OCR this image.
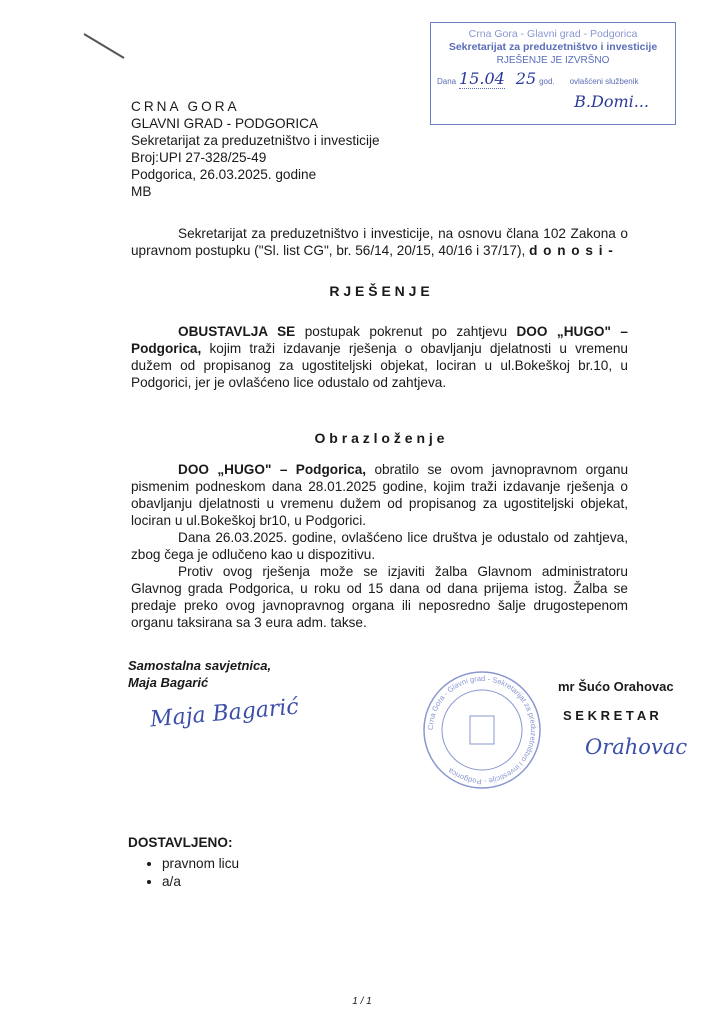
Crna Gora - Glavni grad - Podgorica
Sekretarijat za preduzetništvo i investicije
RJEŠENJE JE IZVRŠNO
Dana 15.04 25 god. ovlašćeni službenik
B.Domi...
CRNA GORA
GLAVNI GRAD - PODGORICA
Sekretarijat za preduzetništvo i investicije
Broj:UPI 27-328/25-49
Podgorica, 26.03.2025. godine
MB
Sekretarijat za preduzetništvo i investicije, na osnovu člana 102 Zakona o upravnom postupku ("Sl. list CG", br. 56/14, 20/15, 40/16 i 37/17), d o n o s i -
R J E Š E N J E
OBUSTAVLJA SE postupak pokrenut po zahtjevu DOO „HUGO" – Podgorica, kojim traži izdavanje rješenja o obavljanju djelatnosti u vremenu dužem od propisanog za ugostiteljski objekat, lociran u ul.Bokeškoj br.10, u Podgorici, jer je ovlašćeno lice odustalo od zahtjeva.
O b r a z l o ž e n j e
DOO „HUGO" – Podgorica, obratilo se ovom javnopravnom organu pismenim podneskom dana 28.01.2025 godine, kojim traži izdavanje rješenja o obavljanju djelatnosti u vremenu dužem od propisanog za ugostiteljski objekat, lociran u ul.Bokeškoj br10, u Podgorici.
Dana 26.03.2025. godine, ovlašćeno lice društva je odustalo od zahtjeva, zbog čega je odlučeno kao u dispozitivu.
Protiv ovog rješenja može se izjaviti žalba Glavnom administratoru Glavnog grada Podgorica, u roku od 15 dana od dana prijema istog. Žalba se predaje preko ovog javnopravnog organa ili neposredno šalje drugostepenom organu taksirana sa 3 eura adm. takse.
Samostalna savjetnica,
Maja Bagarić
Maja Bagarić	Crna Gora - Glavni grad - Sekretarijat za preduzetništvo i investicije - Podgorica
mr Šućo Orahovac
S E K R E T A R
Orahovac
DOSTAVLJENO:
• pravnom licu
• a/a
1 / 1
